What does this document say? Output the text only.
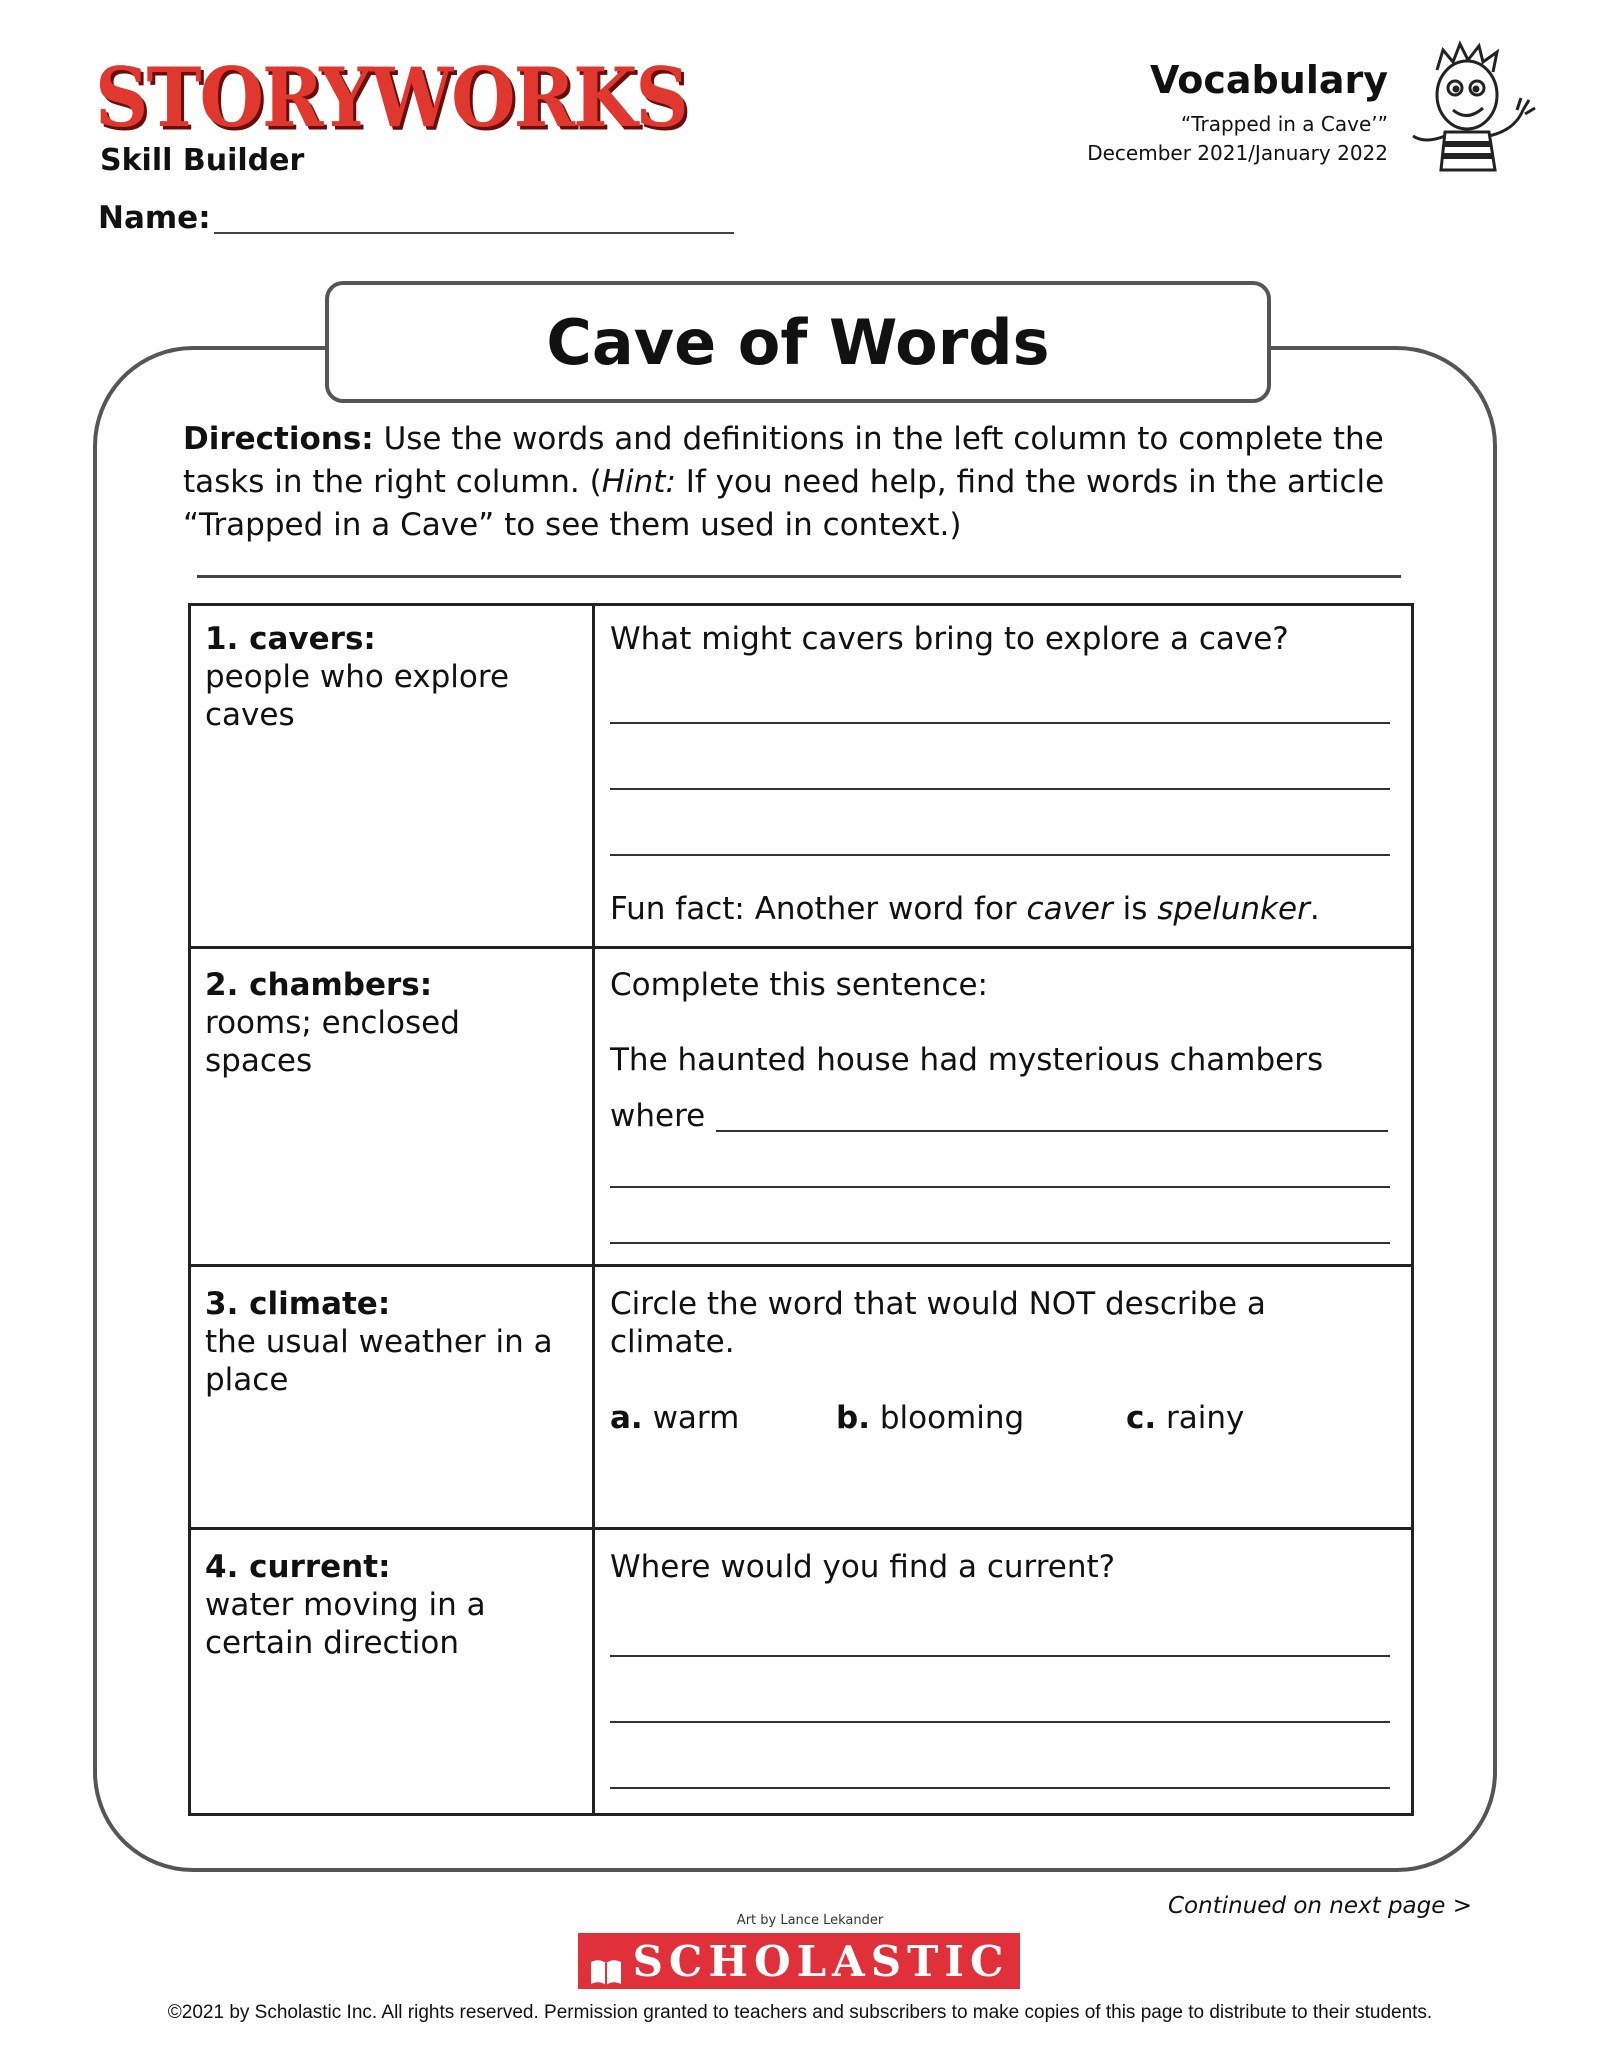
STORYWORKS
Skill Builder
Name:
Vocabulary
“Trapped in a Cave’”
December 2021/January 2022
Cave of Words
Directions: Use the words and definitions in the left column to complete the tasks in the right column. (Hint: If you need help, find the words in the article “Trapped in a Cave” to see them used in context.)
1. cavers:
people who explore caves
What might cavers bring to explore a cave?
Fun fact: Another word for caver is spelunker.
2. chambers:
rooms; enclosed spaces
Complete this sentence:
The haunted house had mysterious chambers
where
3. climate:
the usual weather in a place
Circle the word that would NOT describe a climate.
a. warm	b. blooming	c. rainy
4. current:
water moving in a certain direction
Where would you find a current?
Continued on next page >
Art by Lance Lekander
SCHOLASTIC
©2021 by Scholastic Inc. All rights reserved. Permission granted to teachers and subscribers to make copies of this page to distribute to their students.
